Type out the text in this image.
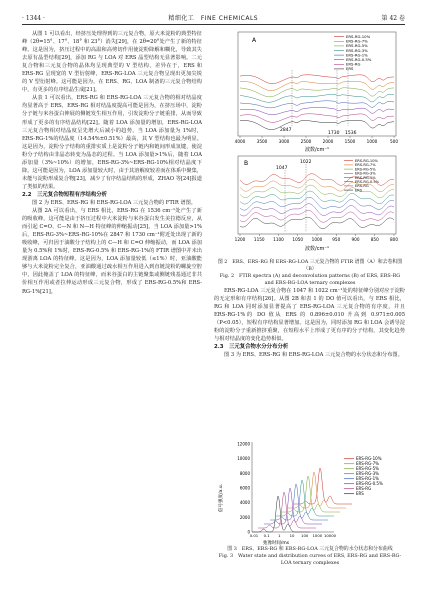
· 1344 ·	精细化工　FINE CHEMICALS	第 42 卷

从图 1 可以看出，经挤压处理得到的三元复合物，原大米淀粉的典型特征峰（2θ=15°、17°、18° 和 23°）消失[29]，在 2θ=20°处产生了新的特征峰。这是因为，挤压过程中的高温和高剪切作用使淀粉降解和糊化，导致其失去原有晶型结构[29]，添加 RG 与 LOA 对 ERS 晶型结构无显著影响。二元复合物和三元复合物的晶体均呈现典型的 V 型结构，差异在于，ERS 和 ERS-RG 呈现宽的 V 型衍射峰，ERS-RG-LOA 三元复合物呈现出更加尖锐的 V 型衍射峰。这可能是因为，在 ERS、RG、LOA 制备的三元复合物结构中，有更多的有序结晶生成[21]。

从表 1 可以看出，ERS-RG 和 ERS-RG-LOA 三元复合物的相对结晶度均显著高于 ERS，ERS-RG 相对结晶度提高可能是因为，在挤压场中，淀粉分子链与米谷蛋白伸展的侧链发生相互作用，引发淀粉分子链重排，从而导致形成了更多的有序结晶结构[22]。随着 LOA 添加量的增加，ERS-RG-LOA 三元复合物相对结晶度呈先增大后减小的趋势，当 LOA 添加量为 1%时，ERS-RG-1%的结晶度（14.54%±0.51%）最高，其 V 型结构也最为明显。这是因为，淀粉分子结构的重排实质上是淀粉分子链内和链间形成氢键，使淀粉分子结构由非晶态转变为晶态的过程。当 LOA 添加量>1%后，随着 LOA 添加量（3%~10%）的增加，ERS-RG-3%~ERS-RG-10%相对结晶度下降。这可能是因为，LOA 添加量较大时，由于其溶解度较差而在体系中聚集，未能与淀粉形成复合物[23]，减少了有序结晶结构的形成，ZHAO 等[24]报道了类似的结果。

2.2　三元复合物短程有序结构分析

图 2 为 ERS、ERS-RG 和 ERS-RG-LOA 三元复合物的 FTIR 谱图。

从图 2A 可以看出，与 ERS 相比，ERS-RG 在 1536 cm⁻¹处产生了新的吸收峰，这可能是由于挤压过程中大米淀粉与米谷蛋白发生美拉德反应，从而引起 C=O、C—N 和 N—H 特征峰的伸缩振动[25]。当 LOA 添加量>1%后，ERS-RG-3%~ERS-RG-10%在 2847 和 1730 cm⁻¹附近处出现了新的吸收峰，可归因于油酸分子结构上的 C—H 和 C=O 伸缩振动，而 LOA 添加量为 0.5%和 1%时，ERS-RG-0.5% 和 ERS-RG-1%的 FTIR 谱图中并未出现游离 LOA 的特征峰。这是因为，LOA 添加量较低（≤1%）时，亚油酸能够与大米淀粉完全复合，亚油酸通过疏水相互作用进入到直链淀粉的螺旋空腔中，因此掩盖了 LOA 的特征峰，而米谷蛋白的主链聚集或侧链残基通过非共价相互作用或者拉伸运动形成三元复合物，形成了 ERS-RG-0.5%和 ERS-RG-1%[21]。

A
ERS-RG-10%
ERS-RG-7%
ERS-RG-5%
ERS-RG-3%
ERS-RG-1%
ERS-RG-0.5%
ERS-RG
ERS
2847
1730 1536
4000	3500	3000	2500	2000	1500	1000	500
波数/cm⁻¹
B	ERS-RG-10%
ERS-RG-7%
ERS-RG-5%
ERS-RG-3%
ERS-RG-1%
ERS-RG-0.5%
ERS-RG
ERS
1047
1022
1200 1150 1100 1050 1000 950	900	850	800
波数/cm⁻¹
图 2　ERS、ERS-RG 和 ERS-RG-LOA 三元复合物的 FTIR 谱图（A）和去卷积图（B）
Fig. 2　FTIR spectra (A) and deconvolution patterns (B) of ERS, ERS-RG and ERS-RG-LOA ternary complexes

ERS-RG-LOA 三元复合物在 1047 和 1022 cm⁻¹处的特征峰分别对应于淀粉的无定形和有序结构[26]。从图 2B 和表 1 的 DO 值可以看出，与 ERS 相比，RG 和 LOA 同时添加显著提高了 ERS-RG-LOA 三元复合物的有序度，并且 ERS-RG-1%的 DO 值从 ERS 的 0.896±0.010 升高到 0.971±0.005（P<0.05），短程有序结构显著增加。这是因为，同时添加 RG 和 LOA 会诱导淀粉的淀粉分子重新推挤重聚，在短程水平上形成了更有序的分子结构，其变化趋势与相对结晶度的变化趋势相似。

2.3　三元复合物水分分布分析

图 3 为 ERS、ERS-RG 和 ERS-RG-LOA 三元复合物的水分状态和分布图。

信号强度/a.u.
12000
10000
8000
6000
4000
2000
0
0.01 0.1 1 10 100 1000 10000
弛豫时间/ms
ERS-RG-10%
ERS-RG-7%
ERS-RG-5%
ERS-RG-3%
ERS-RG-1%
ERS-RG-0.5%
ERS-RG
ERS
图 3　ERS、ERS-RG 和 ERS-RG-LOA 三元复合物的水分状态和分布曲线
Fig. 3　Water state and distribution curves of ERS, ERS-RG and ERS-RG-LOA ternary complexes
